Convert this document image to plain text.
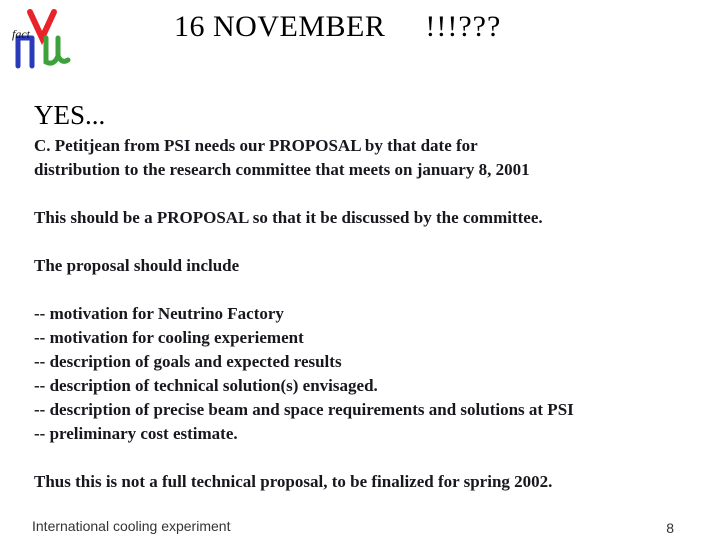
fact	16 NOVEMBER !!!???
YES...

C. Petitjean from PSI needs our PROPOSAL by that date for
distribution to the research committee that meets on january 8, 2001

This should be a PROPOSAL so that it be discussed by the committee.

The proposal should include

-- motivation for Neutrino Factory
-- motivation for cooling experiement
-- description of goals and expected results
-- description of technical solution(s) envisaged.
-- description of precise beam and space requirements and solutions at PSI
-- preliminary cost estimate.

Thus this is not a full technical proposal, to be finalized for spring 2002.

International cooling experiment	8
